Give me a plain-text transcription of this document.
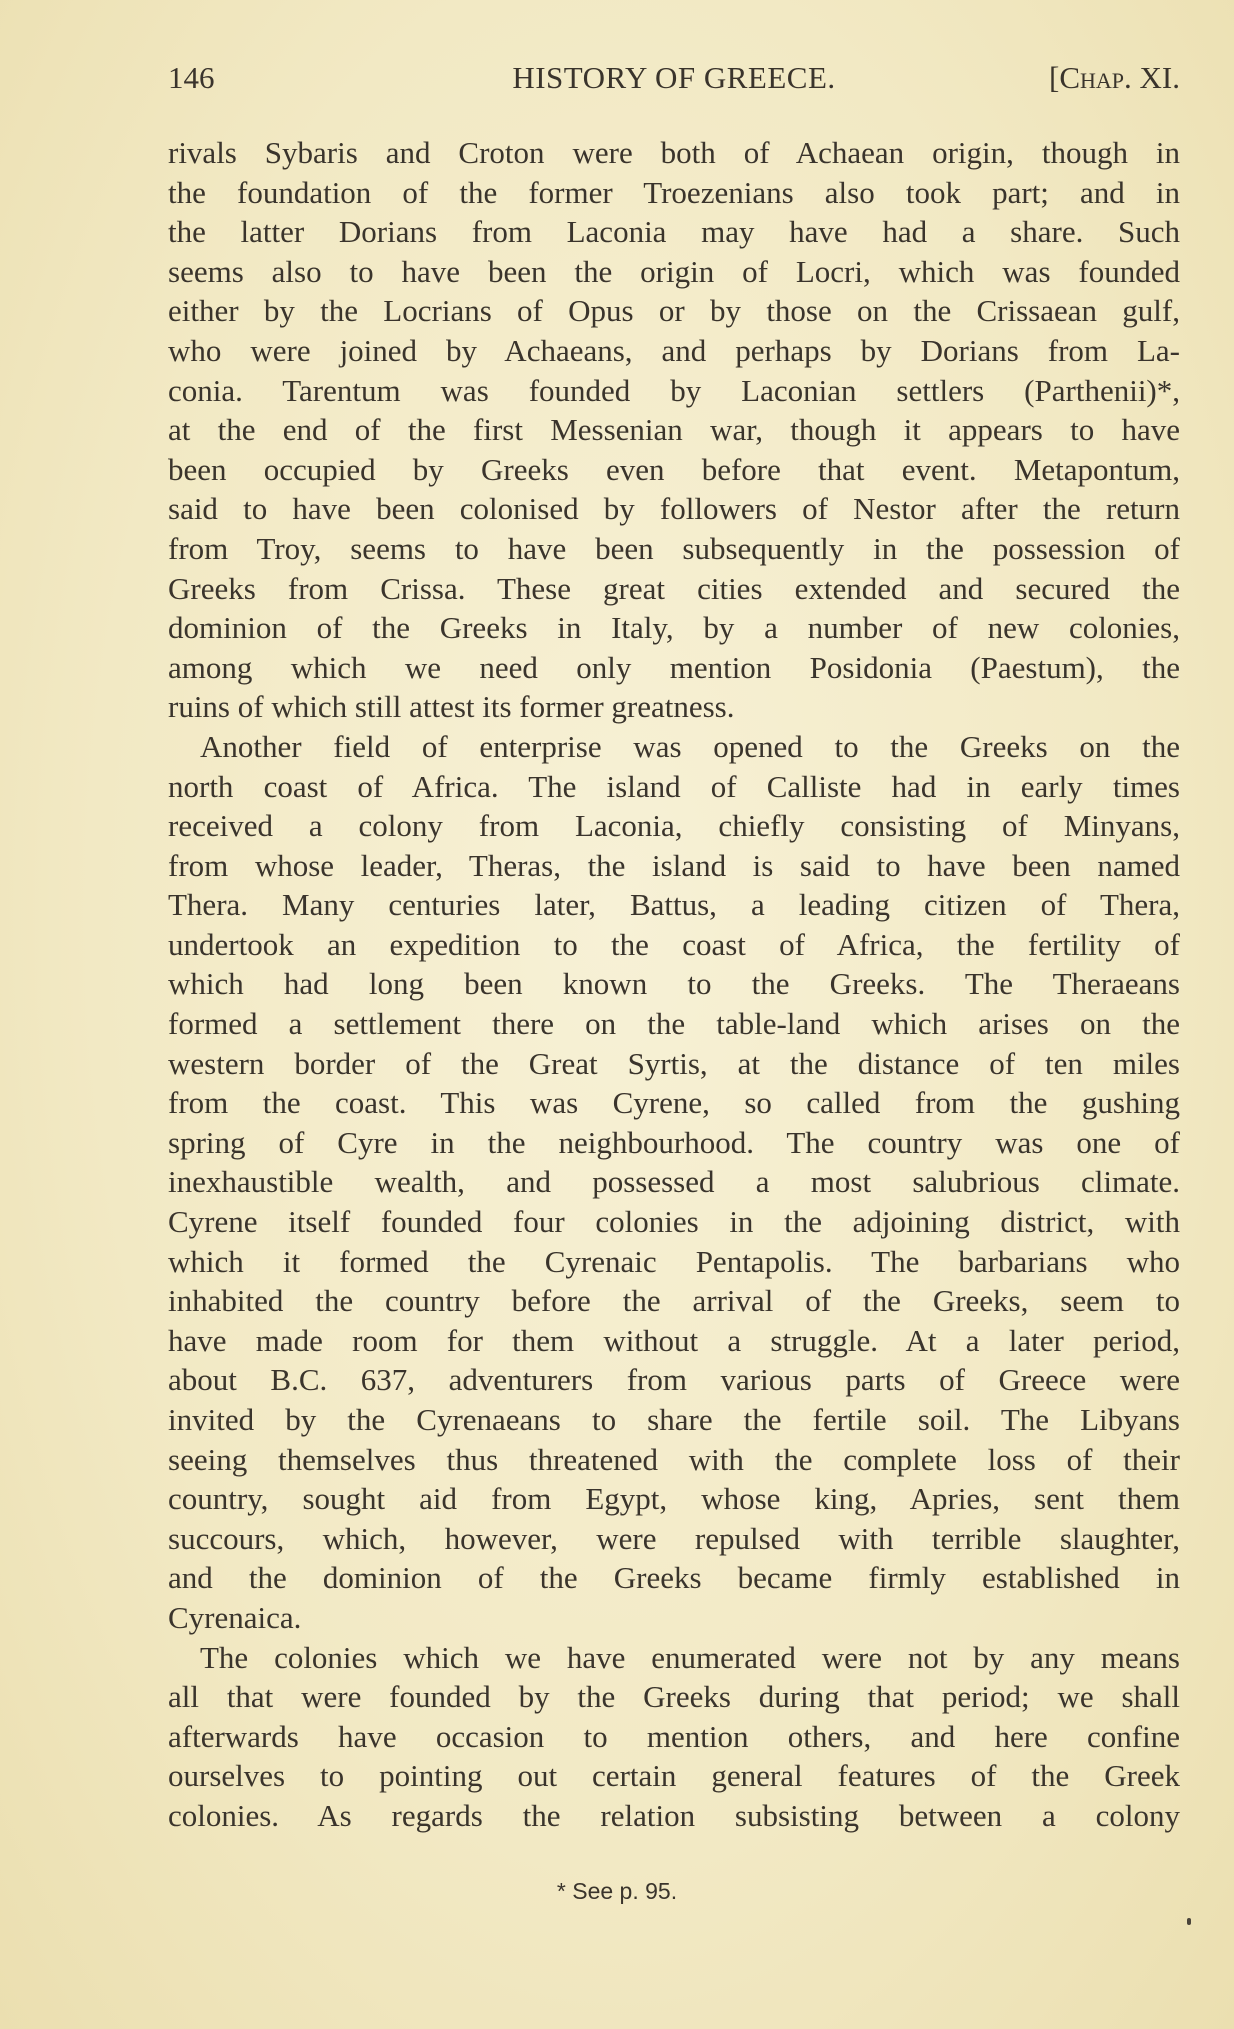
146	HISTORY OF GREECE.	[Chap. XI.
rivals Sybaris and Croton were both of Achaean origin, though in
the foundation of the former Troezenians also took part; and in
the latter Dorians from Laconia may have had a share. Such
seems also to have been the origin of Locri, which was founded
either by the Locrians of Opus or by those on the Crissaean gulf,
who were joined by Achaeans, and perhaps by Dorians from La-
conia. Tarentum was founded by Laconian settlers (Parthenii)*,
at the end of the first Messenian war, though it appears to have
been occupied by Greeks even before that event. Metapontum,
said to have been colonised by followers of Nestor after the return
from Troy, seems to have been subsequently in the possession of
Greeks from Crissa. These great cities extended and secured the
dominion of the Greeks in Italy, by a number of new colonies,
among which we need only mention Posidonia (Paestum), the
ruins of which still attest its former greatness.
Another field of enterprise was opened to the Greeks on the
north coast of Africa. The island of Calliste had in early times
received a colony from Laconia, chiefly consisting of Minyans,
from whose leader, Theras, the island is said to have been named
Thera. Many centuries later, Battus, a leading citizen of Thera,
undertook an expedition to the coast of Africa, the fertility of
which had long been known to the Greeks. The Theraeans
formed a settlement there on the table-land which arises on the
western border of the Great Syrtis, at the distance of ten miles
from the coast. This was Cyrene, so called from the gushing
spring of Cyre in the neighbourhood. The country was one of
inexhaustible wealth, and possessed a most salubrious climate.
Cyrene itself founded four colonies in the adjoining district, with
which it formed the Cyrenaic Pentapolis. The barbarians who
inhabited the country before the arrival of the Greeks, seem to
have made room for them without a struggle. At a later period,
about B.C. 637, adventurers from various parts of Greece were
invited by the Cyrenaeans to share the fertile soil. The Libyans
seeing themselves thus threatened with the complete loss of their
country, sought aid from Egypt, whose king, Apries, sent them
succours, which, however, were repulsed with terrible slaughter,
and the dominion of the Greeks became firmly established in
Cyrenaica.
The colonies which we have enumerated were not by any means
all that were founded by the Greeks during that period; we shall
afterwards have occasion to mention others, and here confine
ourselves to pointing out certain general features of the Greek
colonies. As regards the relation subsisting between a colony
* See p. 95.
